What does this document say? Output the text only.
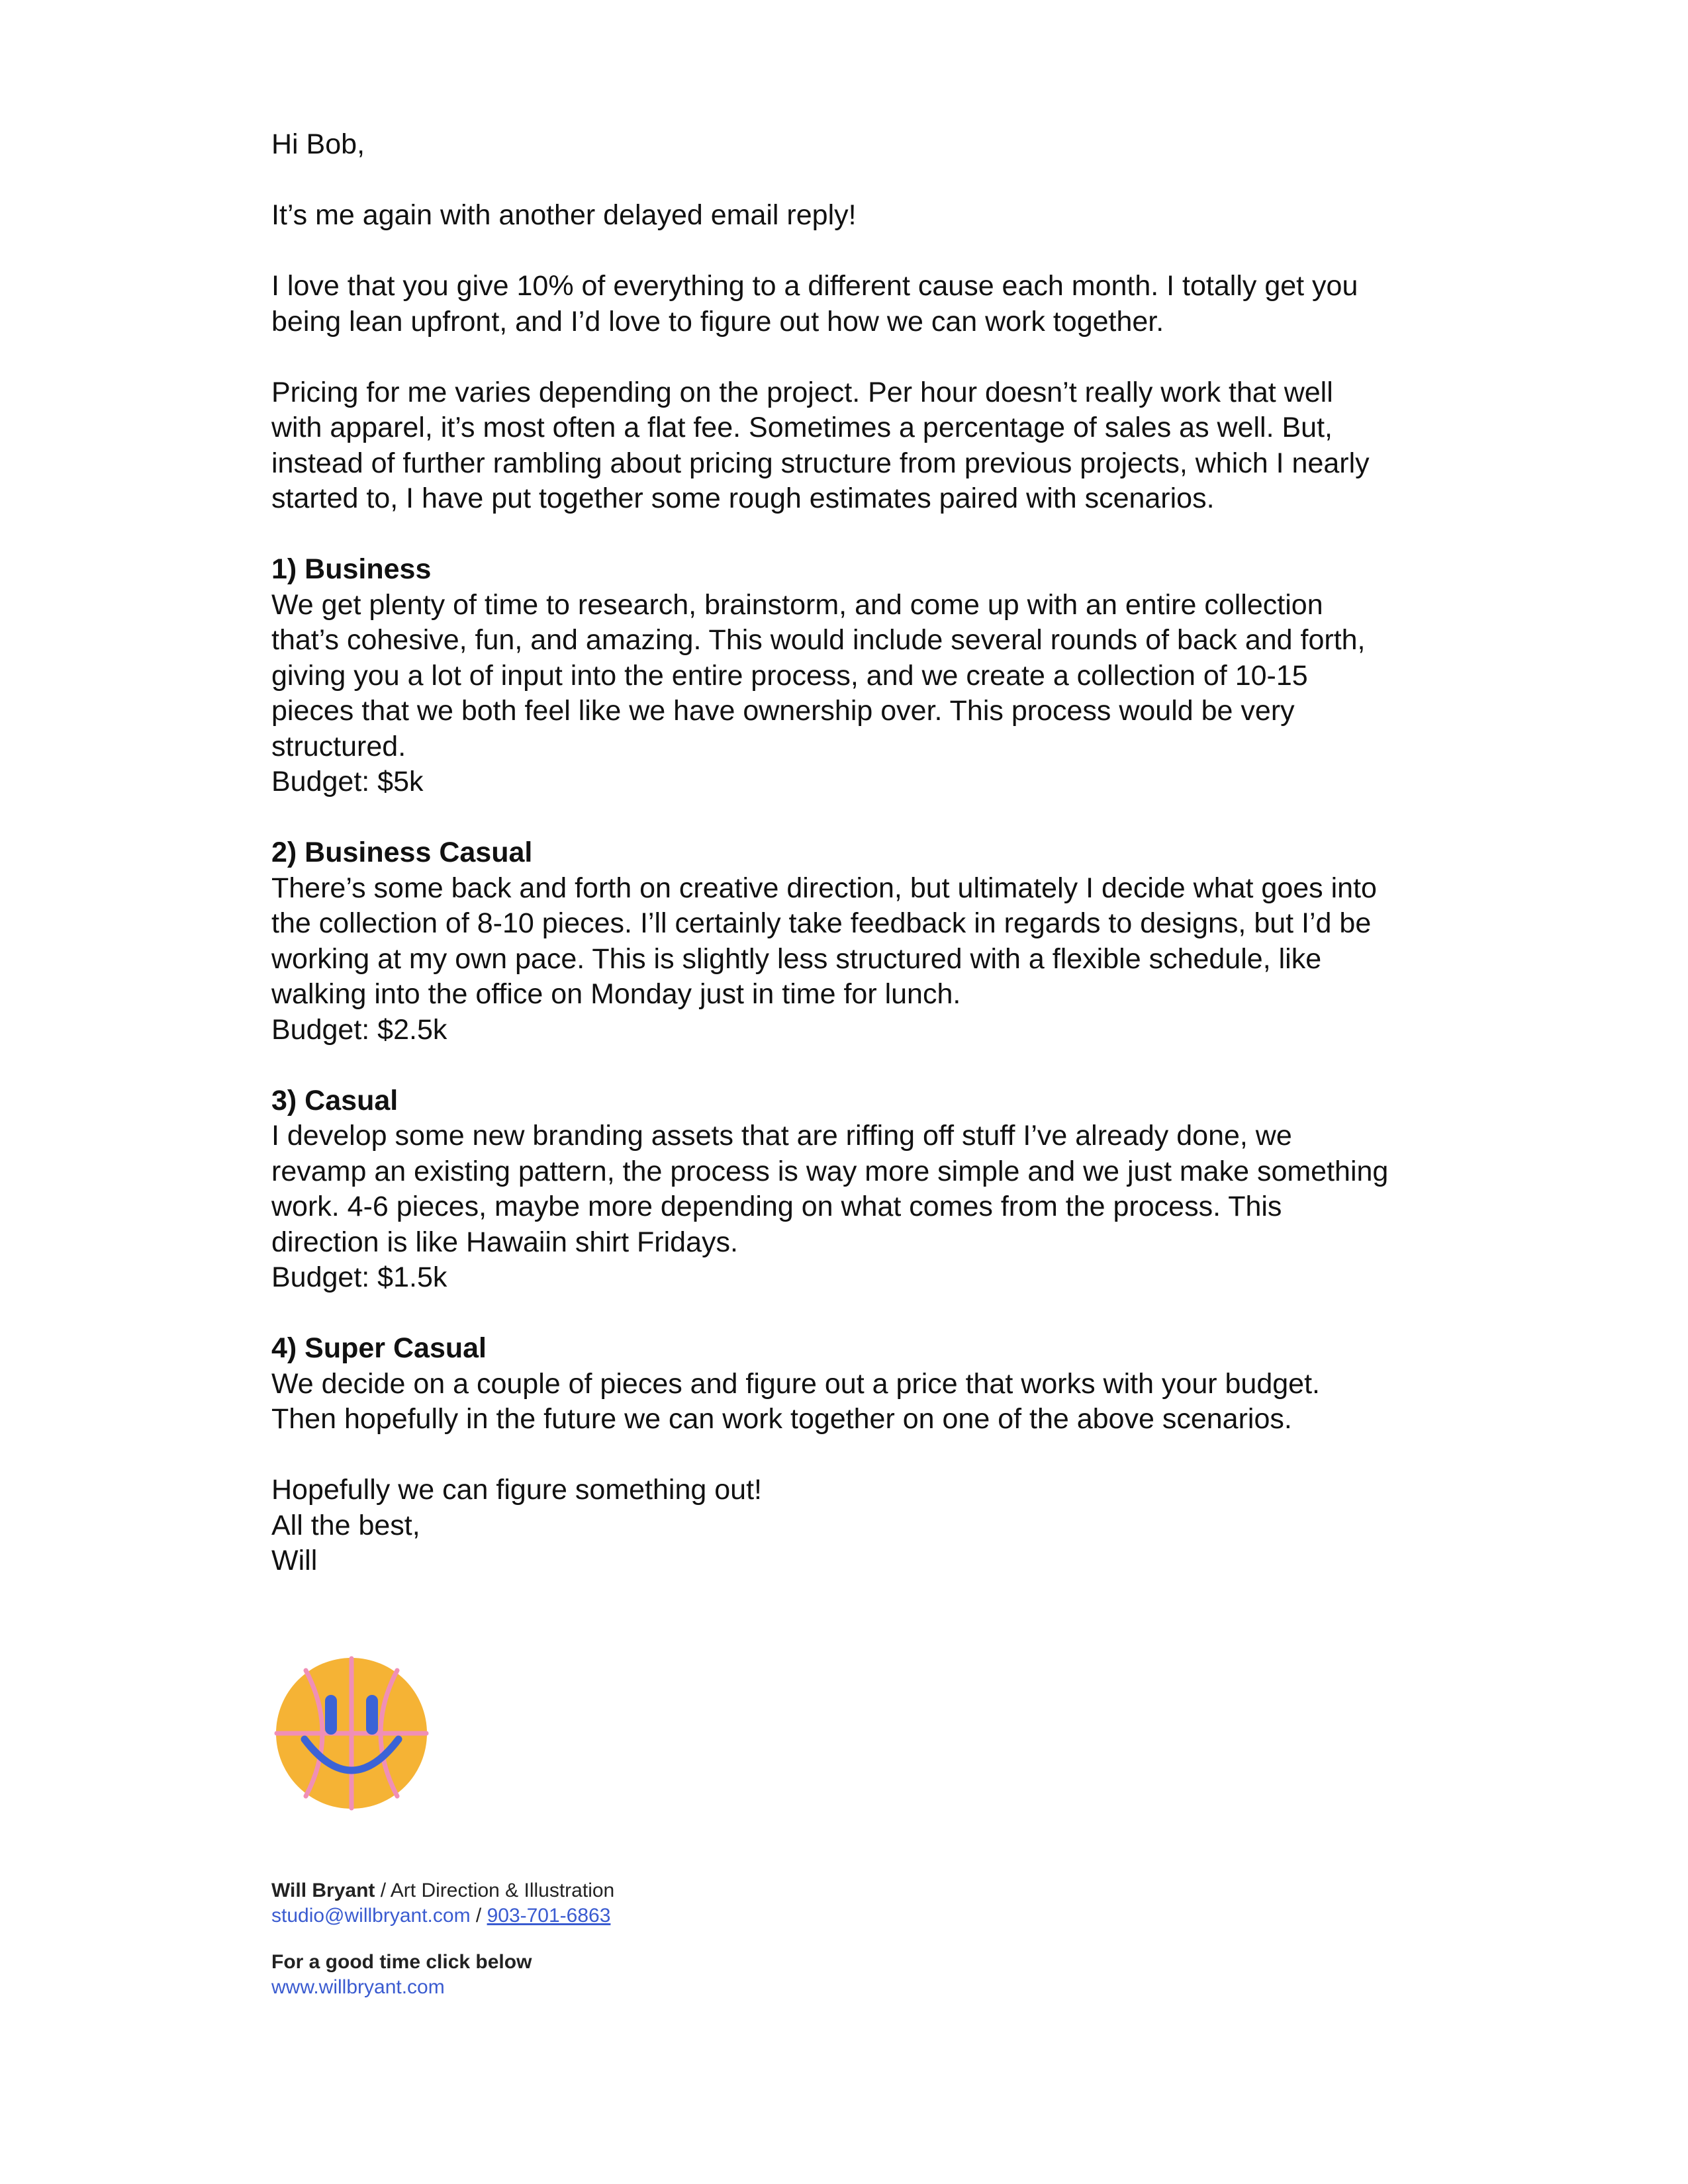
Hi Bob,
It’s me again with another delayed email reply!
I love that you give 10% of everything to a different cause each month. I totally get you
being lean upfront, and I’d love to figure out how we can work together.
Pricing for me varies depending on the project. Per hour doesn’t really work that well
with apparel, it’s most often a flat fee. Sometimes a percentage of sales as well. But,
instead of further rambling about pricing structure from previous projects, which I nearly
started to, I have put together some rough estimates paired with scenarios.
1) Business
We get plenty of time to research, brainstorm, and come up with an entire collection
that’s cohesive, fun, and amazing. This would include several rounds of back and forth,
giving you a lot of input into the entire process, and we create a collection of 10-15
pieces that we both feel like we have ownership over. This process would be very
structured.
Budget: $5k
2) Business Casual
There’s some back and forth on creative direction, but ultimately I decide what goes into
the collection of 8-10 pieces. I’ll certainly take feedback in regards to designs, but I’d be
working at my own pace. This is slightly less structured with a flexible schedule, like
walking into the office on Monday just in time for lunch.
Budget: $2.5k
3) Casual
I develop some new branding assets that are riffing off stuff I’ve already done, we
revamp an existing pattern, the process is way more simple and we just make something
work. 4-6 pieces, maybe more depending on what comes from the process. This
direction is like Hawaiin shirt Fridays.
Budget: $1.5k
4) Super Casual
We decide on a couple of pieces and figure out a price that works with your budget.
Then hopefully in the future we can work together on one of the above scenarios.
Hopefully we can figure something out!
All the best,
Will
Will Bryant / Art Direction & Illustration
studio@willbryant.com / 903-701-6863
For a good time click below
www.willbryant.com
